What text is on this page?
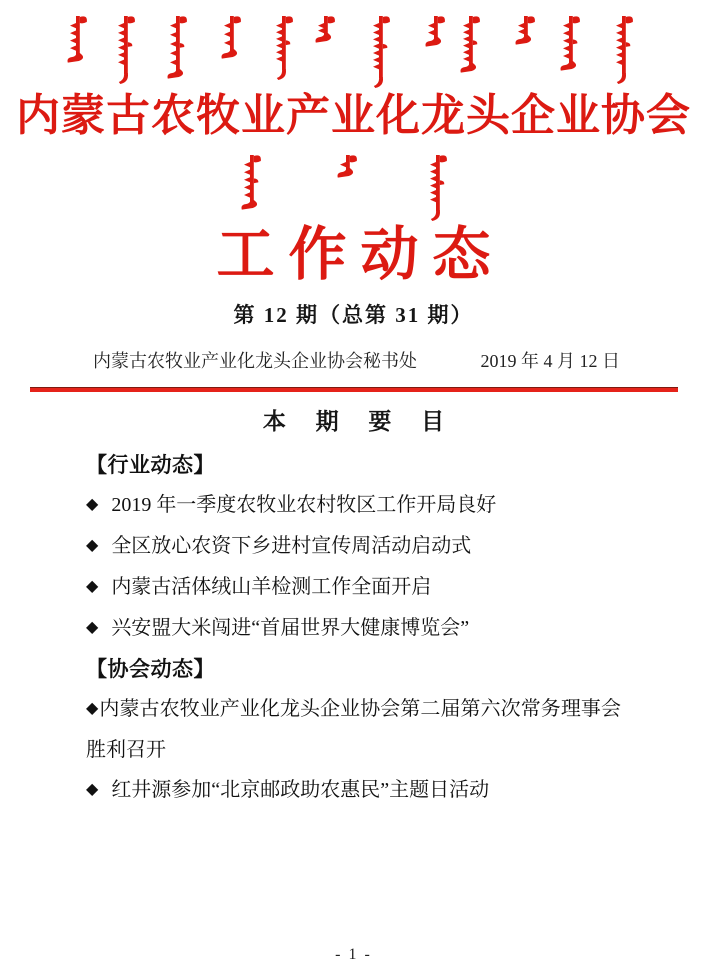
内蒙古农牧业产业化龙头企业协会
工作动态
第 12 期（总第 31 期）
内蒙古农牧业产业化龙头企业协会秘书处	2019 年 4 月 12 日
本 期 要 目
【行业动态】
◆ 2019 年一季度农牧业农村牧区工作开局良好
◆ 全区放心农资下乡进村宣传周活动启动式
◆ 内蒙古活体绒山羊检测工作全面开启
◆ 兴安盟大米闯进“首届世界大健康博览会”
【协会动态】
◆内蒙古农牧业产业化龙头企业协会第二届第六次常务理事会胜利召开
◆ 红井源参加“北京邮政助农惠民”主题日活动
- 1 -
